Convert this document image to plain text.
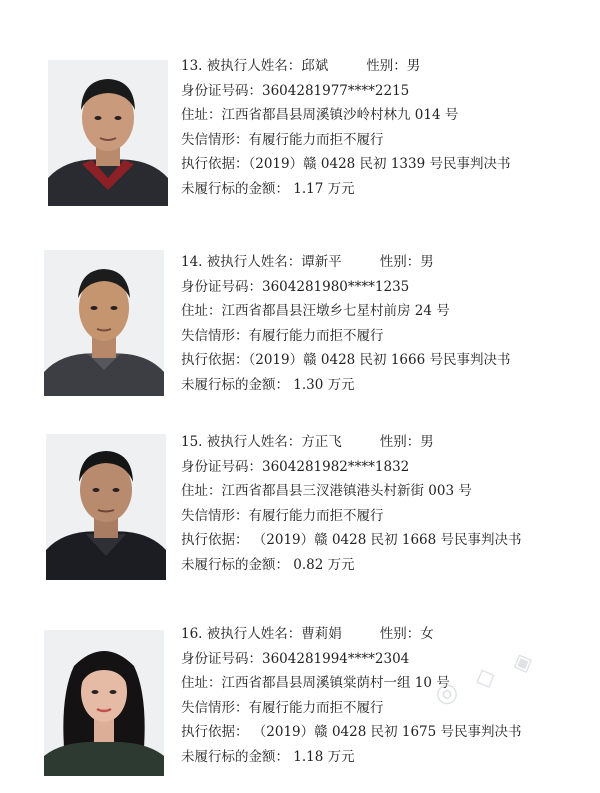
13. 被执行人姓名：邱斌	性别：男
身份证号码：3604281977****2215
住址：江西省都昌县周溪镇沙岭村林九 014 号
失信情形：有履行能力而拒不履行
执行依据：（2019）赣 0428 民初 1339 号民事判决书
未履行标的金额： 1.17 万元
14. 被执行人姓名：谭新平	性别：男
身份证号码：3604281980****1235
住址：江西省都昌县汪墩乡七星村前房 24 号
失信情形：有履行能力而拒不履行
执行依据：（2019）赣 0428 民初 1666 号民事判决书
未履行标的金额： 1.30 万元
15. 被执行人姓名：方正飞	性别：男
身份证号码：3604281982****1832
住址：江西省都昌县三汊港镇港头村新街 003 号
失信情形：有履行能力而拒不履行
执行依据： （2019）赣 0428 民初 1668 号民事判决书
未履行标的金额： 0.82 万元
16. 被执行人姓名：曹莉娟	性别：女
身份证号码：3604281994****2304
住址：江西省都昌县周溪镇棠荫村一组 10 号
失信情形：有履行能力而拒不履行
执行依据： （2019）赣 0428 民初 1675 号民事判决书
未履行标的金额： 1.18 万元
◎ ◇ ◈
